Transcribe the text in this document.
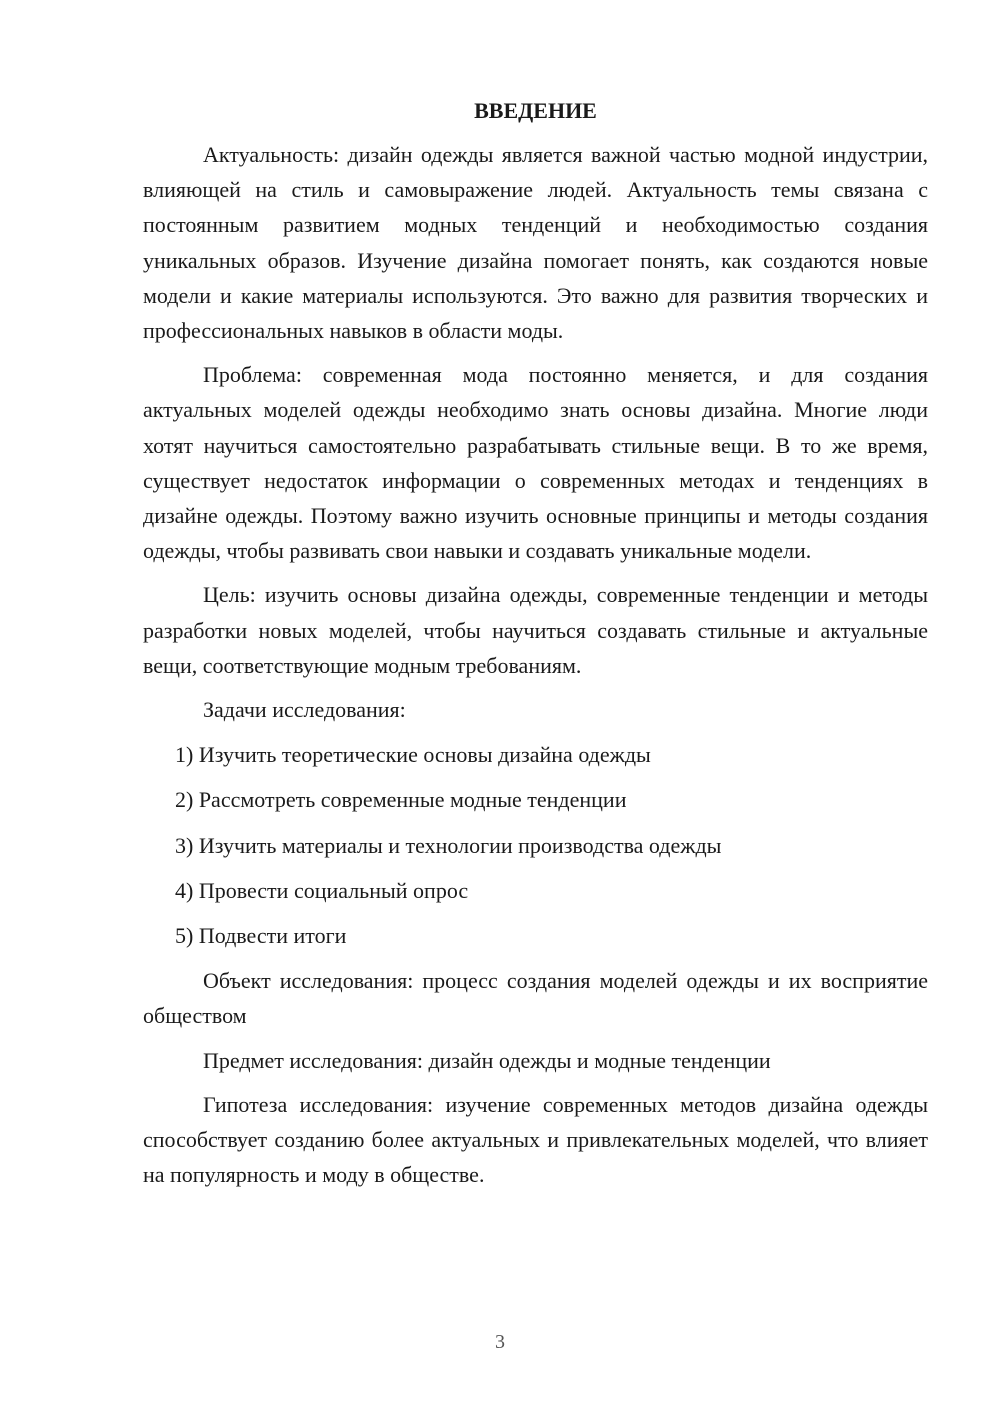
ВВЕДЕНИЕ

Актуальность: дизайн одежды является важной частью модной индустрии, влияющей на стиль и самовыражение людей. Актуальность темы связана с постоянным развитием модных тенденций и необходимостью создания уникальных образов. Изучение дизайна помогает понять, как создаются новые модели и какие материалы используются. Это важно для развития творческих и профессиональных навыков в области моды.

Проблема: современная мода постоянно меняется, и для создания актуальных моделей одежды необходимо знать основы дизайна. Многие люди хотят научиться самостоятельно разрабатывать стильные вещи. В то же время, существует недостаток информации о современных методах и тенденциях в дизайне одежды. Поэтому важно изучить основные принципы и методы создания одежды, чтобы развивать свои навыки и создавать уникальные модели.

Цель: изучить основы дизайна одежды, современные тенденции и методы разработки новых моделей, чтобы научиться создавать стильные и актуальные вещи, соответствующие модным требованиям.

Задачи исследования:

1) Изучить теоретические основы дизайна одежды
2) Рассмотреть современные модные тенденции
3) Изучить материалы и технологии производства одежды
4) Провести социальный опрос
5) Подвести итоги

Объект исследования: процесс создания моделей одежды и их восприятие обществом

Предмет исследования: дизайн одежды и модные тенденции

Гипотеза исследования: изучение современных методов дизайна одежды способствует созданию более актуальных и привлекательных моделей, что влияет на популярность и моду в обществе.

3
